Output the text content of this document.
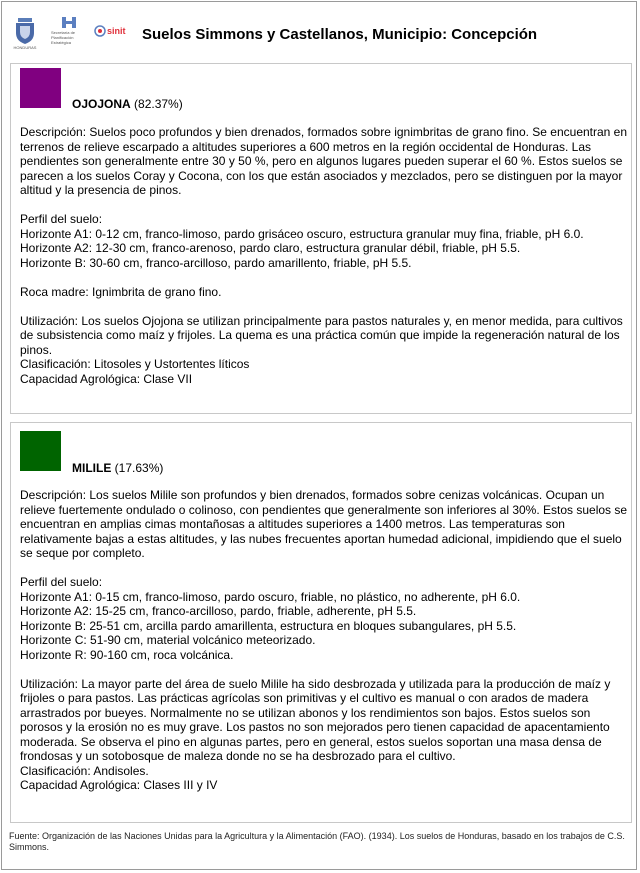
HONDURAS
Secretaría de
Planificación
Estratégica
sinit Suelos Simmons y Castellanos, Municipio: Concepción
OJOJONA (82.37%)

Descripción: Suelos poco profundos y bien drenados, formados sobre ignimbritas de grano fino. Se encuentran en terrenos de relieve escarpado a altitudes superiores a 600 metros en la región occidental de Honduras. Las pendientes son generalmente entre 30 y 50 %, pero en algunos lugares pueden superar el 60 %. Estos suelos se parecen a los suelos Coray y Cocona, con los que están asociados y mezclados, pero se distinguen por la mayor altitud y la presencia de pinos.

Perfil del suelo:
Horizonte A1: 0-12 cm, franco-limoso, pardo grisáceo oscuro, estructura granular muy fina, friable, pH 6.0.
Horizonte A2: 12-30 cm, franco-arenoso, pardo claro, estructura granular débil, friable, pH 5.5.

Horizonte B: 30-60 cm, franco-arcilloso, pardo amarillento, friable, pH 5.5.

Roca madre: Ignimbrita de grano fino.

Utilización: Los suelos Ojojona se utilizan principalmente para pastos naturales y, en menor medida, para cultivos de subsistencia como maíz y frijoles. La quema es una práctica común que impide la regeneración natural de los pinos.
Clasificación: Litosoles y Ustortentes líticos
Capacidad Agrológica: Clase VII
MILILE (17.63%)

Descripción: Los suelos Milile son profundos y bien drenados, formados sobre cenizas volcánicas. Ocupan un relieve fuertemente ondulado o colinoso, con pendientes que generalmente son inferiores al 30%. Estos suelos se encuentran en amplias cimas montañosas a altitudes superiores a 1400 metros. Las temperaturas son relativamente bajas a estas altitudes, y las nubes frecuentes aportan humedad adicional, impidiendo que el suelo se seque por completo.

Perfil del suelo:
Horizonte A1: 0-15 cm, franco-limoso, pardo oscuro, friable, no plástico, no adherente, pH 6.0.
Horizonte A2: 15-25 cm, franco-arcilloso, pardo, friable, adherente, pH 5.5.
Horizonte B: 25-51 cm, arcilla pardo amarillenta, estructura en bloques subangulares, pH 5.5.
Horizonte C: 51-90 cm, material volcánico meteorizado.

Horizonte R: 90-160 cm, roca volcánica.

Utilización: La mayor parte del área de suelo Milile ha sido desbrozada y utilizada para la producción de maíz y frijoles o para pastos. Las prácticas agrícolas son primitivas y el cultivo es manual o con arados de madera arrastrados por bueyes. Normalmente no se utilizan abonos y los rendimientos son bajos. Estos suelos son porosos y la erosión no es muy grave. Los pastos no son mejorados pero tienen capacidad de apacentamiento moderada. Se observa el pino en algunas partes, pero en general, estos suelos soportan una masa densa de frondosas y un sotobosque de maleza donde no se ha desbrozado para el cultivo.
Clasificación: Andisoles.
Capacidad Agrológica: Clases III y IV
Fuente: Organización de las Naciones Unidas para la Agricultura y la Alimentación (FAO). (1934). Los suelos de Honduras, basado en los trabajos de C.S. Simmons.
